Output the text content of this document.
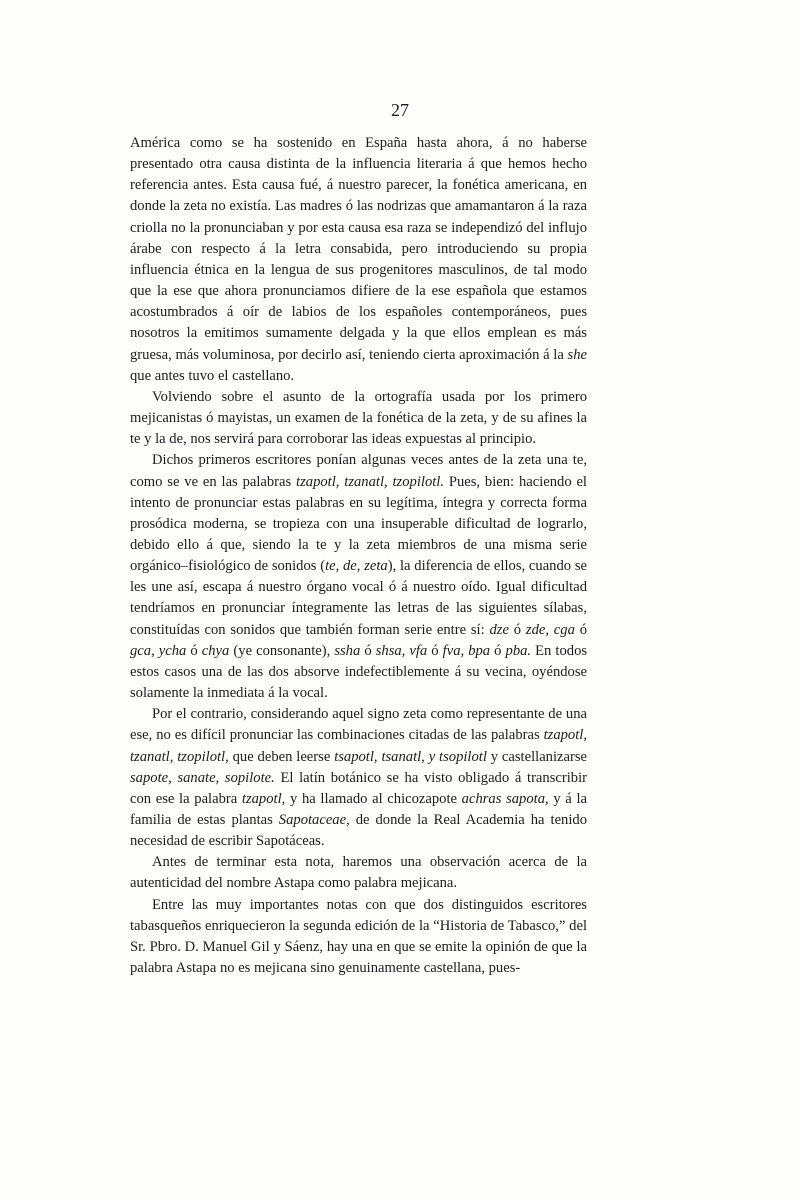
27

América como se ha sostenido en España hasta ahora, á no haberse presentado otra causa distinta de la influencia literaria á que hemos hecho referencia antes. Esta causa fué, á nuestro parecer, la fonética americana, en donde la zeta no existía. Las madres ó las nodrizas que amamantaron á la raza criolla no la pronunciaban y por esta causa esa raza se independizó del influjo árabe con respecto á la letra consabida, pero introduciendo su propia influencia étnica en la lengua de sus progenitores masculinos, de tal modo que la ese que ahora pronunciamos difiere de la ese española que estamos acostumbrados á oír de labios de los españoles contemporáneos, pues nosotros la emitimos sumamente delgada y la que ellos emplean es más gruesa, más voluminosa, por decirlo así, teniendo cierta aproximación á la she que antes tuvo el castellano.

Volviendo sobre el asunto de la ortografía usada por los primero mejicanistas ó mayistas, un examen de la fonética de la zeta, y de su afines la te y la de, nos servirá para corroborar las ideas expuestas al principio.

Dichos primeros escritores ponían algunas veces antes de la zeta una te, como se ve en las palabras tzapotl, tzanatl, tzopilotl. Pues, bien: haciendo el intento de pronunciar estas palabras en su legítima, íntegra y correcta forma prosódica moderna, se tropieza con una insuperable dificultad de lograrlo, debido ello á que, siendo la te y la zeta miembros de una misma serie orgánico–fisiológico de sonidos (te, de, zeta), la diferencia de ellos, cuando se les une así, escapa á nuestro órgano vocal ó á nuestro oído. Igual dificultad tendríamos en pronunciar íntegramente las letras de las siguientes sílabas, constituídas con sonidos que también forman serie entre sí: dze ó zde, cga ó gca, ycha ó chya (ye consonante), ssha ó shsa, vfa ó fva, bpa ó pba. En todos estos casos una de las dos absorve indefectiblemente á su vecina, oyéndose solamente la inmediata á la vocal.

Por el contrario, considerando aquel signo zeta como representante de una ese, no es difícil pronunciar las combinaciones citadas de las palabras tzapotl, tzanatl, tzopilotl, que deben leerse tsapotl, tsanatl, y tsopilotl y castellanizarse sapote, sanate, sopilote. El latín botánico se ha visto obligado á transcribir con ese la palabra tzapotl, y ha llamado al chicozapote achras sapota, y á la familia de estas plantas Sapotaceae, de donde la Real Academia ha tenido necesidad de escribir Sapotáceas.

Antes de terminar esta nota, haremos una observación acerca de la autenticidad del nombre Astapa como palabra mejicana.

Entre las muy importantes notas con que dos distinguidos escritores tabasqueños enriquecieron la segunda edición de la “Historia de Tabasco,” del Sr. Pbro. D. Manuel Gil y Sáenz, hay una en que se emite la opinión de que la palabra Astapa no es mejicana sino genuinamente castellana, pues-
